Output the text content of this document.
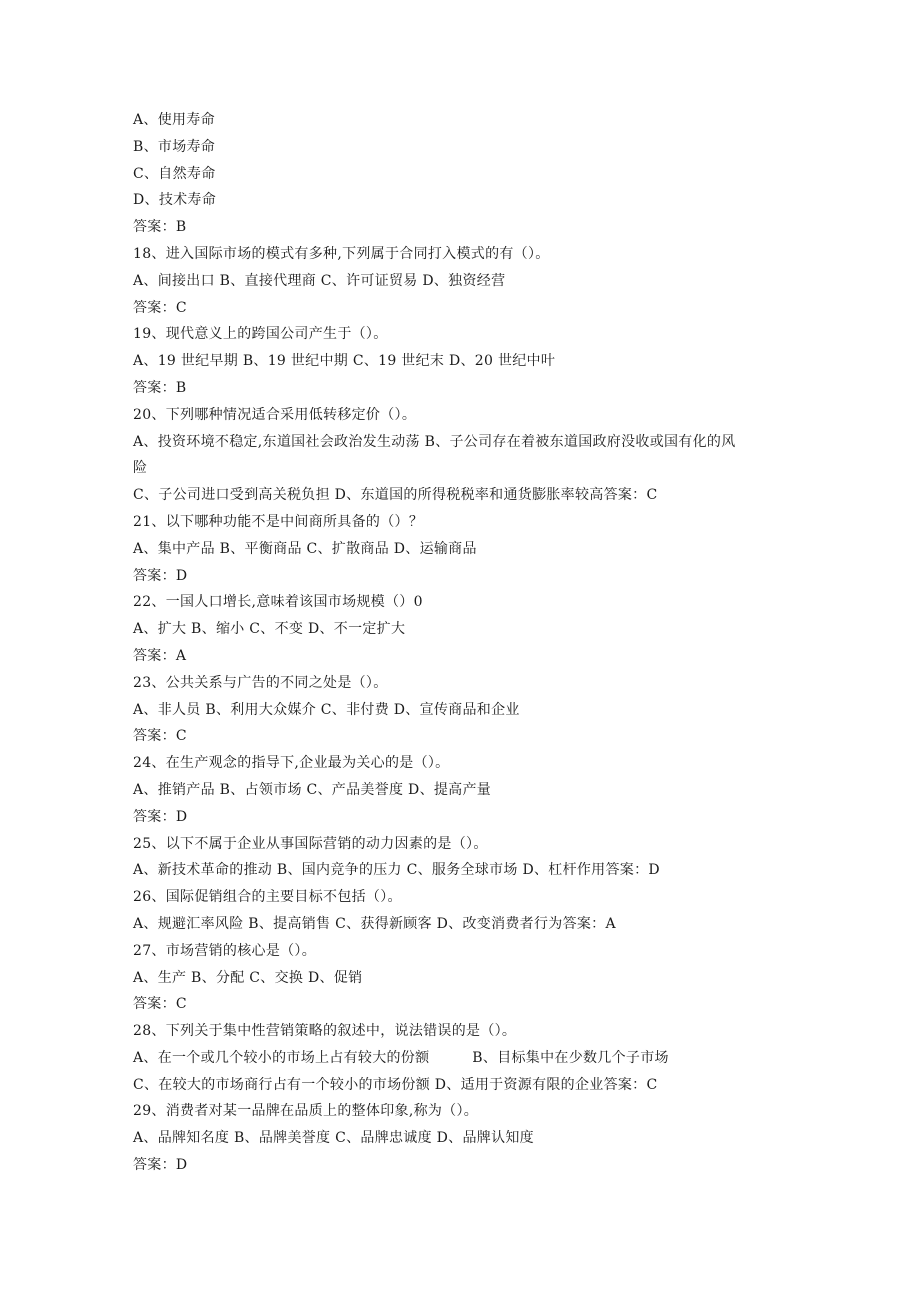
A、使用寿命
B、市场寿命
C、自然寿命
D、技术寿命
答案：B
18、进入国际市场的模式有多种,下列属于合同打入模式的有（）。
A、间接出口 B、直接代理商 C、许可证贸易 D、独资经营
答案：C
19、现代意义上的跨国公司产生于（）。
A、19 世纪早期 B、19 世纪中期 C、19 世纪末 D、20 世纪中叶
答案：B
20、下列哪种情况适合采用低转移定价（）。
A、投资环境不稳定,东道国社会政治发生动荡 B、子公司存在着被东道国政府没收或国有化的风
险
C、子公司进口受到高关税负担 D、东道国的所得税税率和通货膨胀率较高答案：C
21、以下哪种功能不是中间商所具备的（）？
A、集中产品 B、平衡商品 C、扩散商品 D、运输商品
答案：D
22、一国人口增长,意味着该国市场规模（）0
A、扩大 B、缩小 C、不变 D、不一定扩大
答案：A
23、公共关系与广告的不同之处是（）。
A、非人员 B、利用大众媒介 C、非付费 D、宣传商品和企业
答案：C
24、在生产观念的指导下,企业最为关心的是（）。
A、推销产品 B、占领市场 C、产品美誉度 D、提高产量
答案：D
25、以下不属于企业从事国际营销的动力因素的是（）。
A、新技术革命的推动 B、国内竞争的压力 C、服务全球市场 D、杠杆作用答案：D
26、国际促销组合的主要目标不包括（）。
A、规避汇率风险 B、提高销售 C、获得新顾客 D、改变消费者行为答案：A
27、市场营销的核心是（）。
A、生产 B、分配 C、交换 D、促销
答案：C
28、下列关于集中性营销策略的叙述中，说法错误的是（）。
A、在一个或几个较小的市场上占有较大的份额　　　B、目标集中在少数几个子市场
C、在较大的市场商行占有一个较小的市场份额 D、适用于资源有限的企业答案：C
29、消费者对某一品牌在品质上的整体印象,称为（）。
A、品牌知名度 B、品牌美誉度 C、品牌忠诚度 D、品牌认知度
答案：D
